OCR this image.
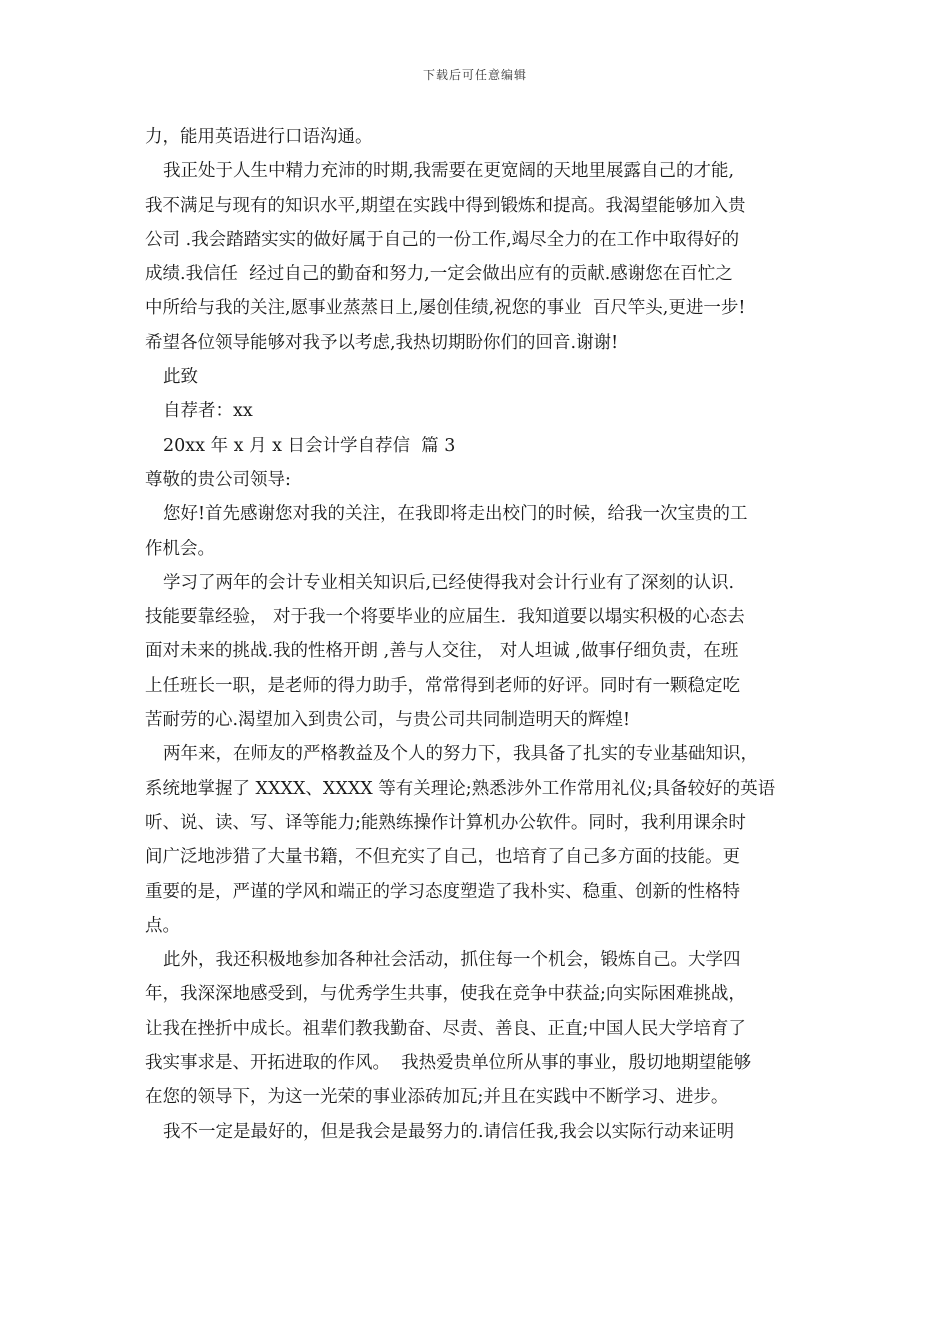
下载后可任意编辑
力，能用英语进行口语沟通。
我正处于人生中精力充沛的时期,我需要在更宽阔的天地里展露自己的才能,
我不满足与现有的知识水平,期望在实践中得到锻炼和提高。我渴望能够加入贵
公司 .我会踏踏实实的做好属于自己的一份工作,竭尽全力的在工作中取得好的
成绩.我信任  经过自己的勤奋和努力,一定会做出应有的贡献.感谢您在百忙之
中所给与我的关注,愿事业蒸蒸日上,屡创佳绩,祝您的事业  百尺竿头,更进一步!
希望各位领导能够对我予以考虑,我热切期盼你们的回音.谢谢!
此致
自荐者：xx
20xx 年 x 月 x 日会计学自荐信  篇 3
尊敬的贵公司领导:
您好!首先感谢您对我的关注，在我即将走出校门的时候，给我一次宝贵的工
作机会。
学习了两年的会计专业相关知识后,已经使得我对会计行业有了深刻的认识.
技能要靠经验， 对于我一个将要毕业的应届生.  我知道要以塌实积极的心态去
面对未来的挑战.我的性格开朗 ,善与人交往， 对人坦诚 ,做事仔细负责，在班
上任班长一职，是老师的得力助手，常常得到老师的好评。同时有一颗稳定吃
苦耐劳的心.渴望加入到贵公司，与贵公司共同制造明天的辉煌!
两年来，在师友的严格教益及个人的努力下，我具备了扎实的专业基础知识，
系统地掌握了 XXXX、XXXX 等有关理论;熟悉涉外工作常用礼仪;具备较好的英语
听、说、读、写、译等能力;能熟练操作计算机办公软件。同时，我利用课余时
间广泛地涉猎了大量书籍，不但充实了自己，也培育了自己多方面的技能。更
重要的是，严谨的学风和端正的学习态度塑造了我朴实、稳重、创新的性格特
点。
此外，我还积极地参加各种社会活动，抓住每一个机会，锻炼自己。大学四
年，我深深地感受到，与优秀学生共事，使我在竞争中获益;向实际困难挑战，
让我在挫折中成长。祖辈们教我勤奋、尽责、善良、正直;中国人民大学培育了
我实事求是、开拓进取的作风。  我热爱贵单位所从事的事业，殷切地期望能够
在您的领导下，为这一光荣的事业添砖加瓦;并且在实践中不断学习、进步。
我不一定是最好的，但是我会是最努力的.请信任我,我会以实际行动来证明
